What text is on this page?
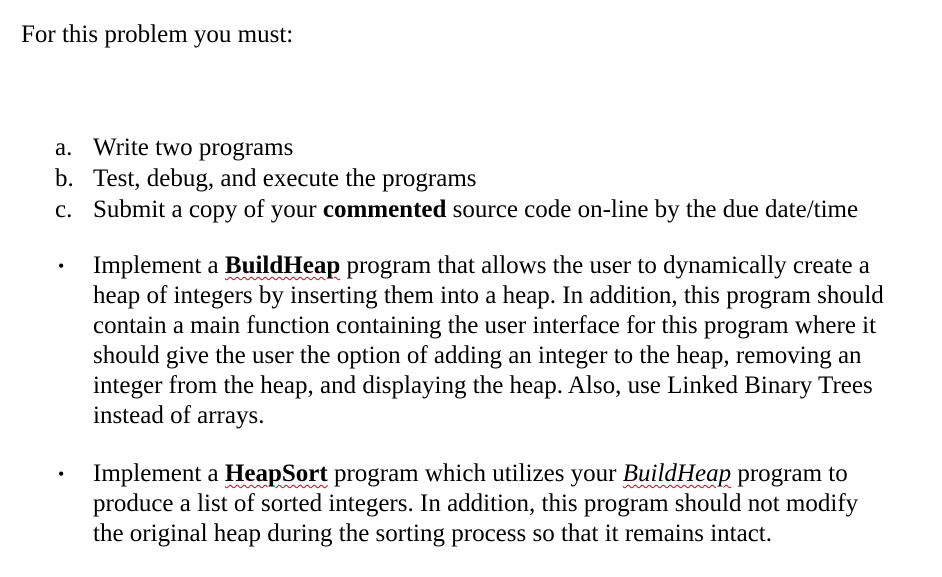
For this problem you must:

a. Write two programs
b. Test, debug, and execute the programs
c. Submit a copy of your commented source code on-line by the due date/time
• Implement a BuildHeap program that allows the user to dynamically create a
heap of integers by inserting them into a heap. In addition, this program should
contain a main function containing the user interface for this program where it
should give the user the option of adding an integer to the heap, removing an
integer from the heap, and displaying the heap. Also, use Linked Binary Trees
instead of arrays.
• Implement a HeapSort program which utilizes your BuildHeap program to
produce a list of sorted integers. In addition, this program should not modify
the original heap during the sorting process so that it remains intact.
